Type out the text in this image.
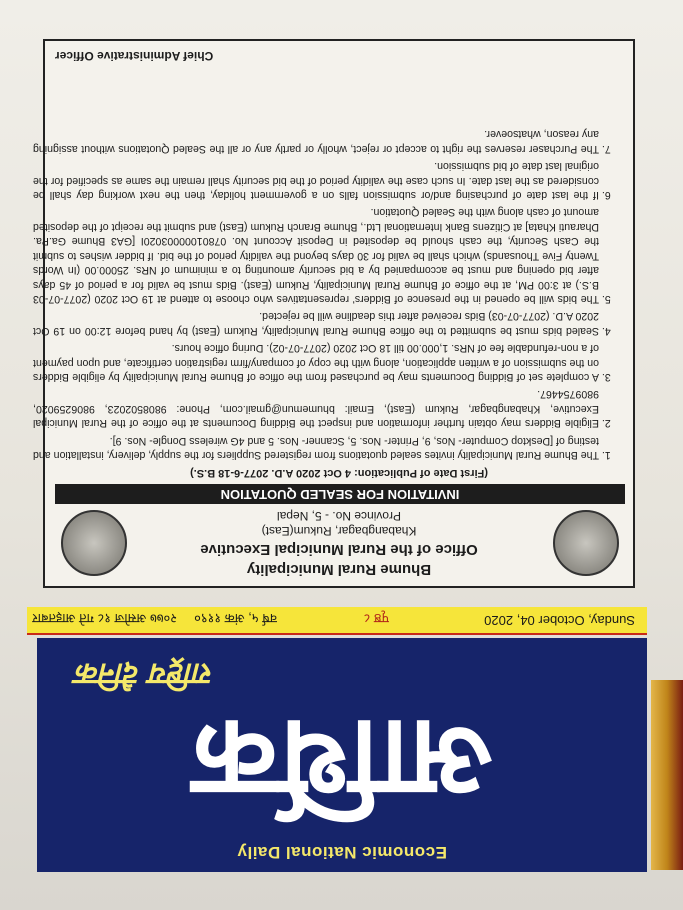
Economic National Daily
आर्थिक
राष्ट्रिय दैनिक
Sunday, October 04, 2020
पृष्ठ ८
वर्ष ५, अंक ११९०
२०७७ असोज १८ गते आइतबार
Bhume Rural Municipality
Office of the Rural Municipal Executive
Khabangbagar, Rukum(East)
Province No. - 5, Nepal
INVITATION FOR SEALED QUOTATION
(First Date of Publication: 4 Oct 2020 A.D. 2077-6-18 B.S.)
1. The Bhume Rural Municipality invites sealed quotations from registered Suppliers for the supply, delivery, installation and testing of [Desktop Computer- Nos, 9, Printer- Nos. 5, Scanner- Nos. 5 and 4G wireless Dongle- Nos. 9].
2. Eligible Bidders may obtain further information and inspect the Bidding Documents at the office of the Rural Municipal Executive, Khabangbagar, Rukum (East), Email: bhumemun@gmail.com, Phone: 9808502023, 9806259020, 9809754467.
3. A complete set of Bidding Documents may be purchased from the office of Bhume Rural Municipality by eligible Bidders on the submission of a written application, along with the copy of company/firm registration certificate, and upon payment of a non-refundable fee of NRs. 1,000.00 till 18 Oct 2020 (2077-07-02). During office hours.
4. Sealed bids must be submitted to the office Bhume Rural Municipality, Rukum (East) by hand before 12:00 on 19 Oct 2020 A.D. (2077-07-03) Bids received after this deadline will be rejected.
5. The bids will be opened in the presence of Bidders' representatives who choose to attend at 19 Oct 2020 (2077-07-03 B.S.) at 3:00 PM, at the office of Bhume Rural Municipality, Rukum (East). Bids must be valid for a period of 45 days after bid opening and must be accompanied by a bid security amounting to a minimum of NRs. 25000.00 (In Words Twenty Five Thousands) which shall be valid for 30 days beyond the validity period of the bid. If bidder wishes to submit the Cash Security, the cash should be deposited in Deposit Account No. 07801000003020I [GA3 Bhume Ga.Pa. Dharauti Khata] at Citizens Bank International Ltd., Bhume Branch Rukum (East) and submit the receipt of the deposited amount of cash along with the Sealed Quotation.
6. If the last date of purchasing and/or submission falls on a government holiday, then the next working day shall be considered as the last date. In such case the validity period of the bid security shall remain the same as specified for the original last date of bid submission.
7. The Purchaser reserves the right to accept or reject, wholly or partly any or all the Sealed Quotations without assigning any reason, whatsoever.
Chief Administrative Officer
